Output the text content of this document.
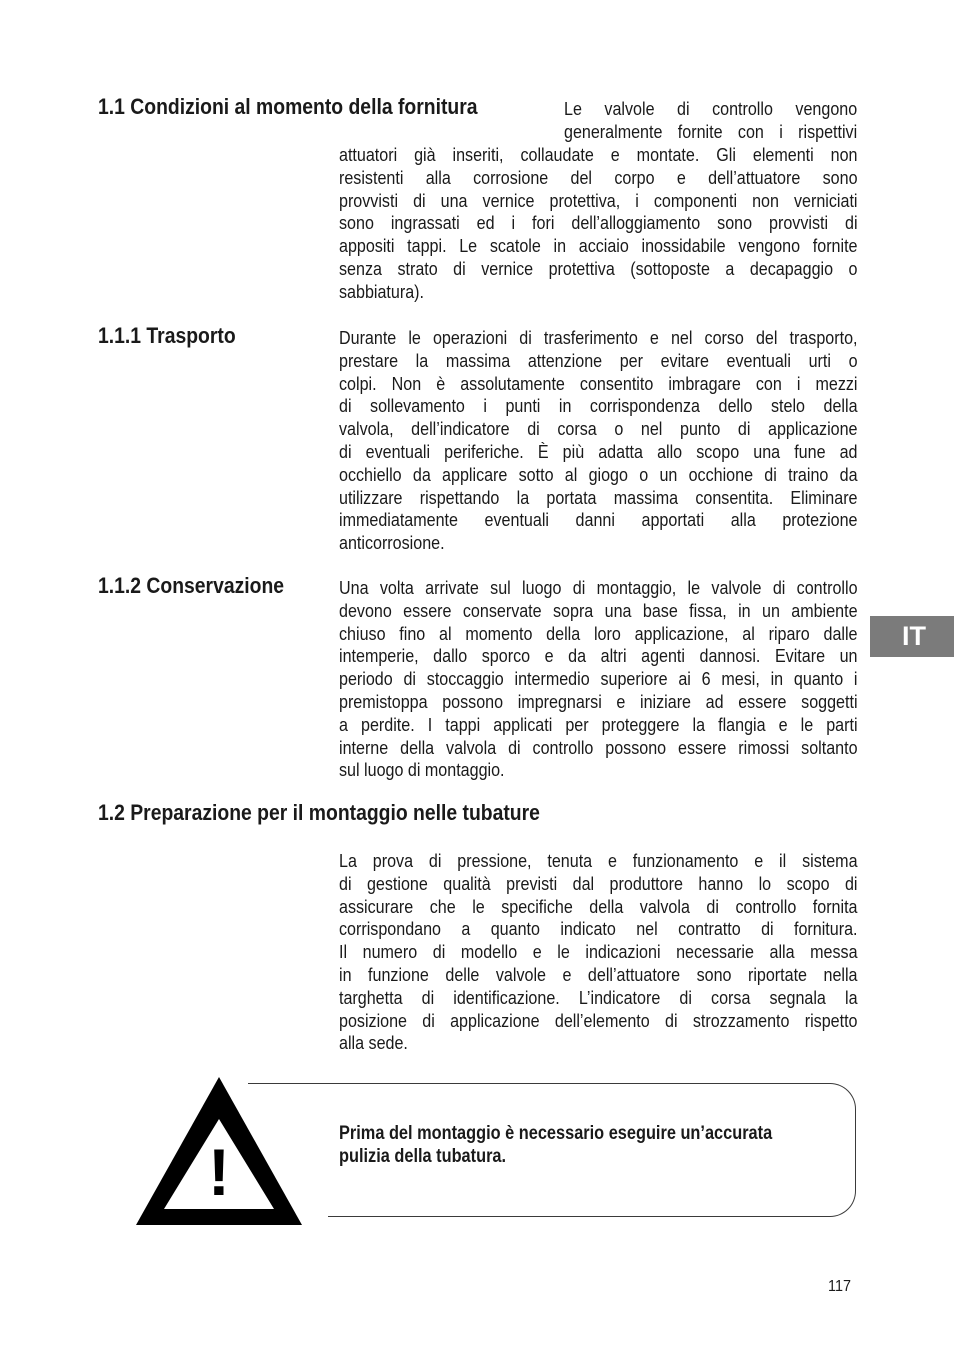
1.1 Condizioni al momento della fornitura	Le valvole di controllo vengono
generalmente fornite con i rispettivi

attuatori già inseriti, collaudate e montate. Gli elementi non
resistenti alla corrosione del corpo e dell’attuatore sono
provvisti di una vernice protettiva, i componenti non verniciati
sono ingrassati ed i fori dell’alloggiamento sono provvisti di
appositi tappi. Le scatole in acciaio inossidabile vengono fornite
senza strato di vernice protettiva (sottoposte a decapaggio o
sabbiatura).

1.1.1 Trasporto	Durante le operazioni di trasferimento e nel corso del trasporto,
prestare la massima attenzione per evitare eventuali urti o
colpi. Non è assolutamente consentito imbragare con i mezzi
di sollevamento i punti in corrispondenza dello stelo della
valvola, dell’indicatore di corsa o nel punto di applicazione
di eventuali periferiche. È più adatta allo scopo una fune ad
occhiello da applicare sotto al giogo o un occhione di traino da
utilizzare rispettando la portata massima consentita. Eliminare
immediatamente eventuali danni apportati alla protezione
anticorrosione.

1.1.2 Conservazione	Una volta arrivate sul luogo di montaggio, le valvole di controllo
devono essere conservate sopra una base fissa, in un ambiente
chiuso fino al momento della loro applicazione, al riparo dalle
intemperie, dallo sporco e da altri agenti dannosi. Evitare un
periodo di stoccaggio intermedio superiore ai 6 mesi, in quanto i
premistoppa possono impregnarsi e iniziare ad essere soggetti
a perdite. I tappi applicati per proteggere la flangia e le parti
interne della valvola di controllo possono essere rimossi soltanto
sul luogo di montaggio.

IT
1.2 Preparazione per il montaggio nelle tubature

La prova di pressione, tenuta e funzionamento e il sistema
di gestione qualità previsti dal produttore hanno lo scopo di
assicurare che le specifiche della valvola di controllo fornita
corrispondano a quanto indicato nel contratto di fornitura.
Il numero di modello e le indicazioni necessarie alla messa
in funzione delle valvole e dell’attuatore sono riportate nella
targhetta di identificazione. L’indicatore di corsa segnala la
posizione di applicazione dell’elemento di strozzamento rispetto
alla sede.

!

Prima del montaggio è necessario eseguire un’accurata
pulizia della tubatura.

117
